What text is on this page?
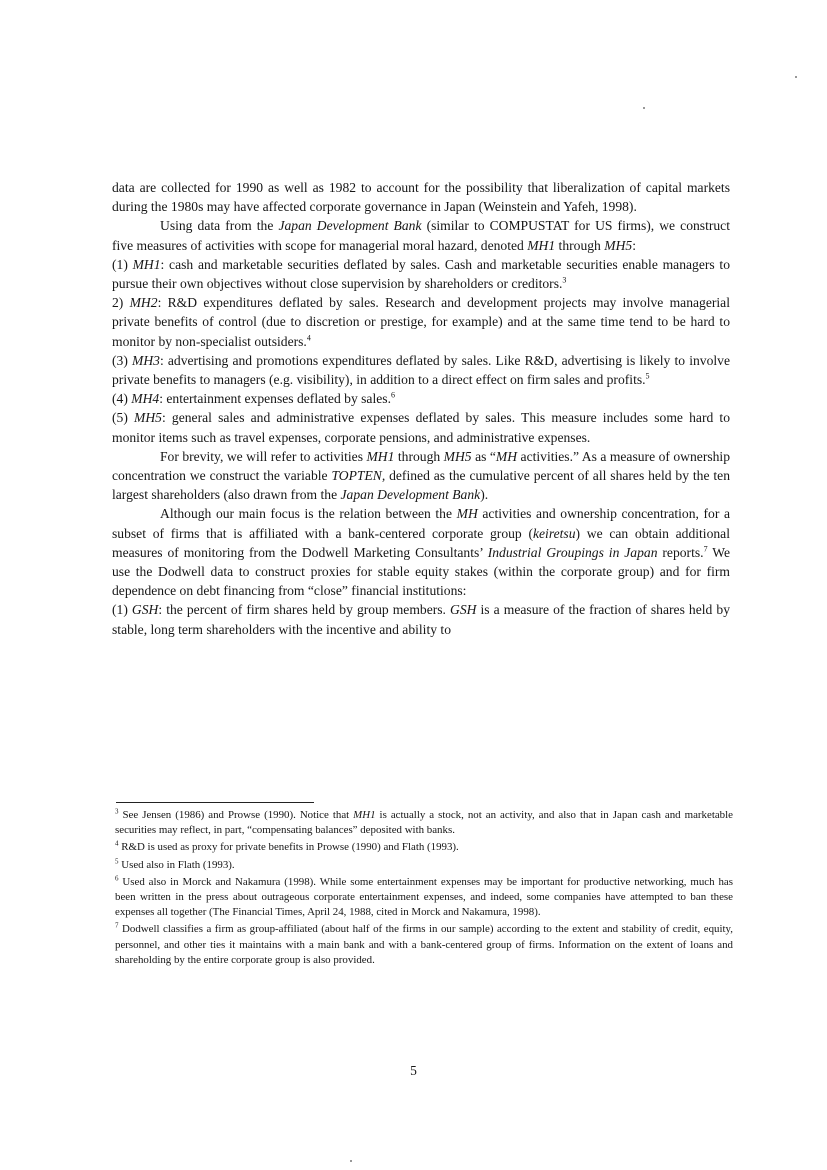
data are collected for 1990 as well as 1982 to account for the possibility that liberalization of capital markets during the 1980s may have affected corporate governance in Japan (Weinstein and Yafeh, 1998).

Using data from the Japan Development Bank (similar to COMPUSTAT for US firms), we construct five measures of activities with scope for managerial moral hazard, denoted MH1 through MH5:

(1) MH1: cash and marketable securities deflated by sales. Cash and marketable securities enable managers to pursue their own objectives without close supervision by shareholders or creditors.$^3$

2) MH2: R&D expenditures deflated by sales. Research and development projects may involve managerial private benefits of control (due to discretion or prestige, for example) and at the same time tend to be hard to monitor by non-specialist outsiders.$^4$

(3) MH3: advertising and promotions expenditures deflated by sales. Like R&D, advertising is likely to involve private benefits to managers (e.g. visibility), in addition to a direct effect on firm sales and profits.$^5$

(4) MH4: entertainment expenses deflated by sales.$^6$

(5) MH5: general sales and administrative expenses deflated by sales. This measure includes some hard to monitor items such as travel expenses, corporate pensions, and administrative expenses.

For brevity, we will refer to activities MH1 through MH5 as “MH activities.” As a measure of ownership concentration we construct the variable TOPTEN, defined as the cumulative percent of all shares held by the ten largest shareholders (also drawn from the Japan Development Bank).

Although our main focus is the relation between the MH activities and ownership concentration, for a subset of firms that is affiliated with a bank-centered corporate group (keiretsu) we can obtain additional measures of monitoring from the Dodwell Marketing Consultants’ Industrial Groupings in Japan reports.$^7$ We use the Dodwell data to construct proxies for stable equity stakes (within the corporate group) and for firm dependence on debt financing from “close” financial institutions:

(1) GSH: the percent of firm shares held by group members. GSH is a measure of the fraction of shares held by stable, long term shareholders with the incentive and ability to

$^3$ See Jensen (1986) and Prowse (1990). Notice that MH1 is actually a stock, not an activity, and also that in Japan cash and marketable securities may reflect, in part, “compensating balances” deposited with banks.

$^4$ R&D is used as proxy for private benefits in Prowse (1990) and Flath (1993).

$^5$ Used also in Flath (1993).

$^6$ Used also in Morck and Nakamura (1998). While some entertainment expenses may be important for productive networking, much has been written in the press about outrageous corporate entertainment expenses, and indeed, some companies have attempted to ban these expenses all together (The Financial Times, April 24, 1988, cited in Morck and Nakamura, 1998).

$^7$ Dodwell classifies a firm as group-affiliated (about half of the firms in our sample) according to the extent and stability of credit, equity, personnel, and other ties it maintains with a main bank and with a bank-centered group of firms. Information on the extent of loans and shareholding by the entire corporate group is also provided.

5
